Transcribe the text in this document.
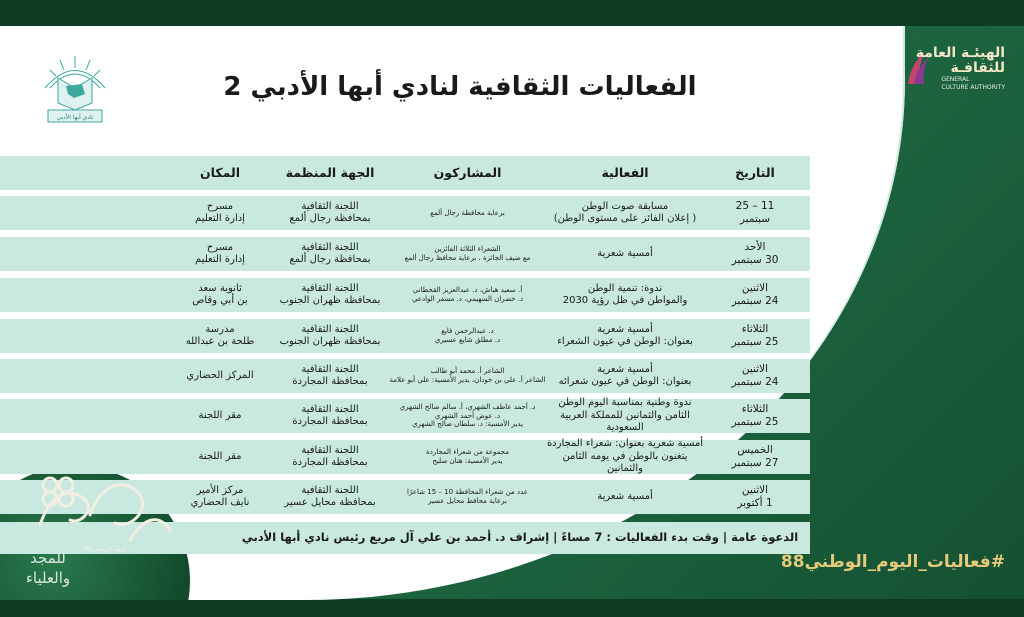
نادي أبها الأدبي
الهيئـة العامة
للثقافـة
GENERAL
CULTURE AUTHORITY
الفعاليات الثقافية لنادي أبها الأدبي 2
التاريخ
الفعالية
المشاركون
الجهة المنظمة
المكان
11 – 25
سبتمبر
مسابقة صوت الوطن
( إعلان الفائز على مستوى الوطن)
برعاية محافظة رجال ألمع
اللجنة الثقافية
بمحافظة رجال ألمع
مسرح
إدارة التعليم
الأحد
30 سبتمبر
أمسية شعرية
الشعراء الثلاثة الفائزين
مع ضيف الجائزة ، برعاية محافظ رجال ألمع
اللجنة الثقافية
بمحافظة رجال ألمع
مسرح
إدارة التعليم
الاثنين
24 سبتمبر
ندوة: تنمية الوطن
والمواطن في ظل رؤية 2030
أ. سعيد هباش، د. عبدالعزيز القحطاني
د. خضران السهيمي، د. مسفر الوادعي
اللجنة الثقافية
بمحافظة ظهران الجنوب
ثانوية سعد
بن أبي وقاص
الثلاثاء
25 سبتمبر
أمسية شعرية
بعنوان: الوطن في عيون الشعراء
د. عبدالرحمن فايع
د. مطلق شايع عسيري
اللجنة الثقافية
بمحافظة ظهران الجنوب
مدرسة
طلحة بن عبدالله
الاثنين
24 سبتمبر
أمسية شعرية
بعنوان: الوطن في عيون شعرائه
الشاعر أ. محمد أبو طالب
الشاعر أ. علي بن خودان، يدير الأمسية: علي أبو علامة
اللجنة الثقافية
بمحافظة المجاردة
المركز الحضاري
الثلاثاء
25 سبتمبر
ندوة وطنية بمناسبة اليوم الوطن
الثامن والثمانين للمملكة العربية السعودية
د. أحمد عاطف الشهري، أ. سالم صالح الشهري
د. عوض أحمد الشهري
يدير الأمسية: د. سلطان صالح الشهري
اللجنة الثقافية
بمحافظة المجاردة
مقر اللجنة
الخميس
27 سبتمبر
أمسية شعرية بعنوان: شعراء المجاردة
يتغنون بالوطن في يومه الثامن والثمانين
مجموعة من شعراء المجاردة
يدير الأمسية: هتان صليح
اللجنة الثقافية
بمحافظة المجاردة
مقر اللجنة
الاثنين
1 أكتوبر
أمسية شعرية
عدد من شعراء المحافظة 10 – 15 شاعرًا
برعاية محافظ محايل عسير
اللجنة الثقافية
بمحافظة محايل عسير
مركز الأمير
نايف الحضاري
الدعوة عامة | وقت بدء الفعاليات : 7 مساءً | إشراف د. أحمد بن علي آل مريع رئيس نادي أبها الأدبي
#فعاليات_اليوم_الوطني88
اليوم الوطني 88
للمجد
والعلياء
